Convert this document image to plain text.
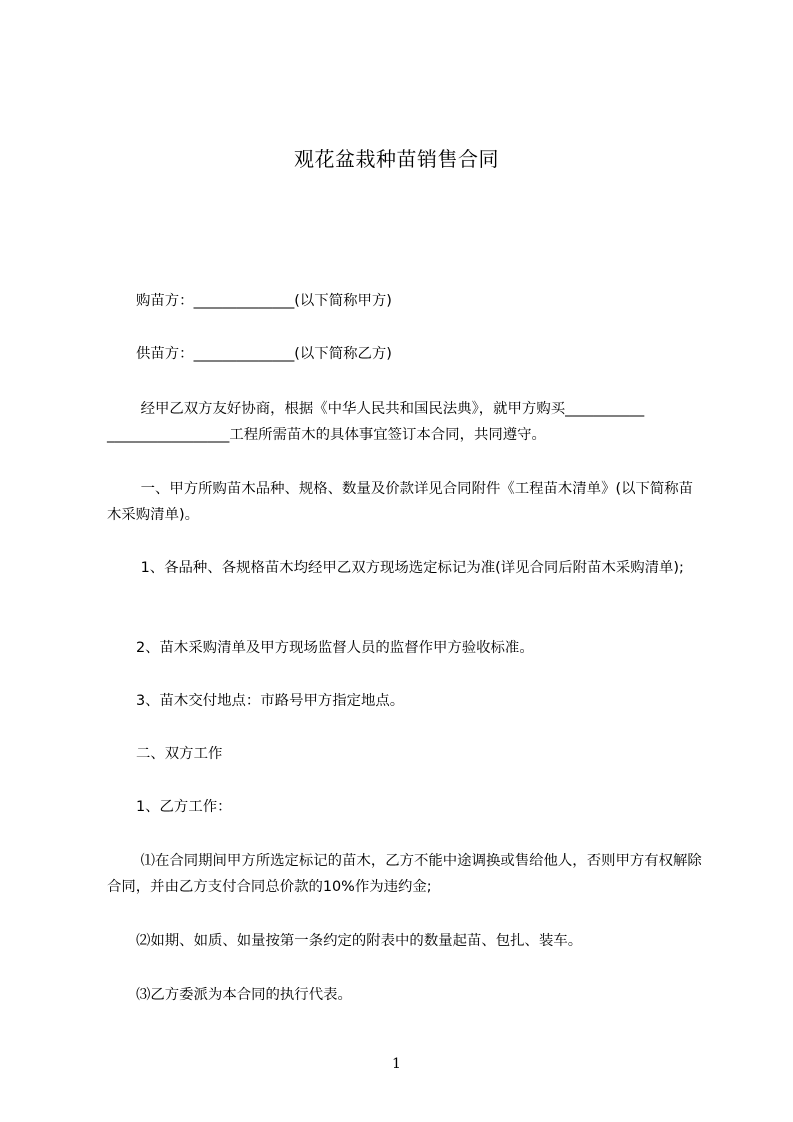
观花盆栽种苗销售合同

购苗方：______________(以下简称甲方)

供苗方：______________(以下简称乙方)

经甲乙双方友好协商，根据《中华人民共和国民法典》，就甲方购买___________ _________________工程所需苗木的具体事宜签订本合同，共同遵守。

一、甲方所购苗木品种、规格、数量及价款详见合同附件《工程苗木清单》(以下简称苗木采购清单)。

1、各品种、各规格苗木均经甲乙双方现场选定标记为准(详见合同后附苗木采购清单);

2、苗木采购清单及甲方现场监督人员的监督作甲方验收标准。

3、苗木交付地点：市路号甲方指定地点。

二、双方工作

1、乙方工作：

⑴在合同期间甲方所选定标记的苗木，乙方不能中途调换或售给他人，否则甲方有权解除合同，并由乙方支付合同总价款的10%作为违约金;

⑵如期、如质、如量按第一条约定的附表中的数量起苗、包扎、装车。

⑶乙方委派为本合同的执行代表。

1
